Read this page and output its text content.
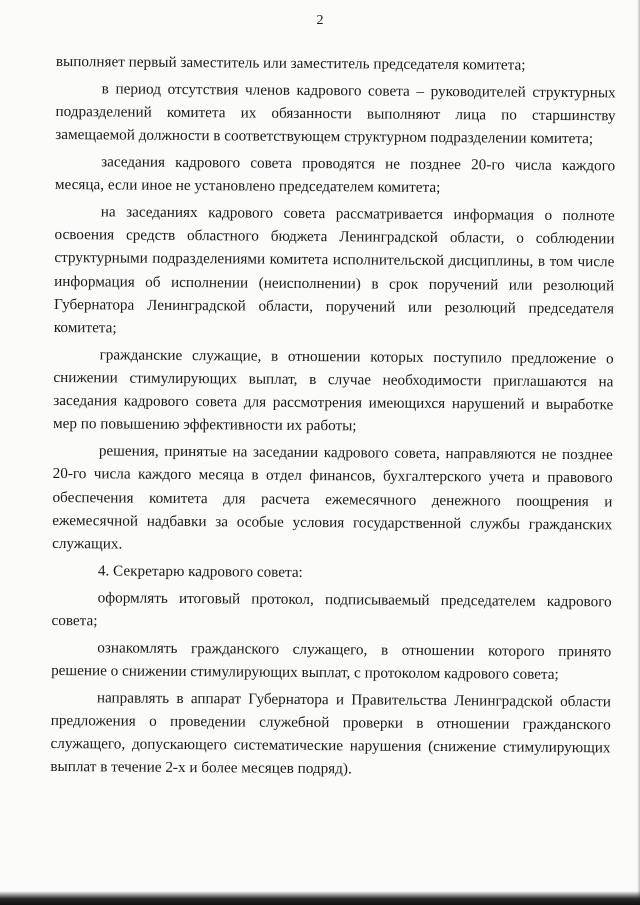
2

выполняет первый заместитель или заместитель председателя комитета;

в период отсутствия членов кадрового совета – руководителей структурных подразделений комитета их обязанности выполняют лица по старшинству замещаемой должности в соответствующем структурном подразделении комитета;

заседания кадрового совета проводятся не позднее 20-го числа каждого месяца, если иное не установлено председателем комитета;

на заседаниях кадрового совета рассматривается информация о полноте освоения средств областного бюджета Ленинградской области, о соблюдении структурными подразделениями комитета исполнительской дисциплины, в том числе информация об исполнении (неисполнении) в срок поручений или резолюций Губернатора Ленинградской области, поручений или резолюций председателя комитета;

гражданские служащие, в отношении которых поступило предложение о снижении стимулирующих выплат, в случае необходимости приглашаются на заседания кадрового совета для рассмотрения имеющихся нарушений и выработке мер по повышению эффективности их работы;

решения, принятые на заседании кадрового совета, направляются не позднее 20-го числа каждого месяца в отдел финансов, бухгалтерского учета и правового обеспечения комитета для расчета ежемесячного денежного поощрения и ежемесячной надбавки за особые условия государственной службы гражданских служащих.

4. Секретарю кадрового совета:

оформлять итоговый протокол, подписываемый председателем кадрового совета;

ознакомлять гражданского служащего, в отношении которого принято решение о снижении стимулирующих выплат, с протоколом кадрового совета;

направлять в аппарат Губернатора и Правительства Ленинградской области предложения о проведении служебной проверки в отношении гражданского служащего, допускающего систематические нарушения (снижение стимулирующих выплат в течение 2-х и более месяцев подряд).
